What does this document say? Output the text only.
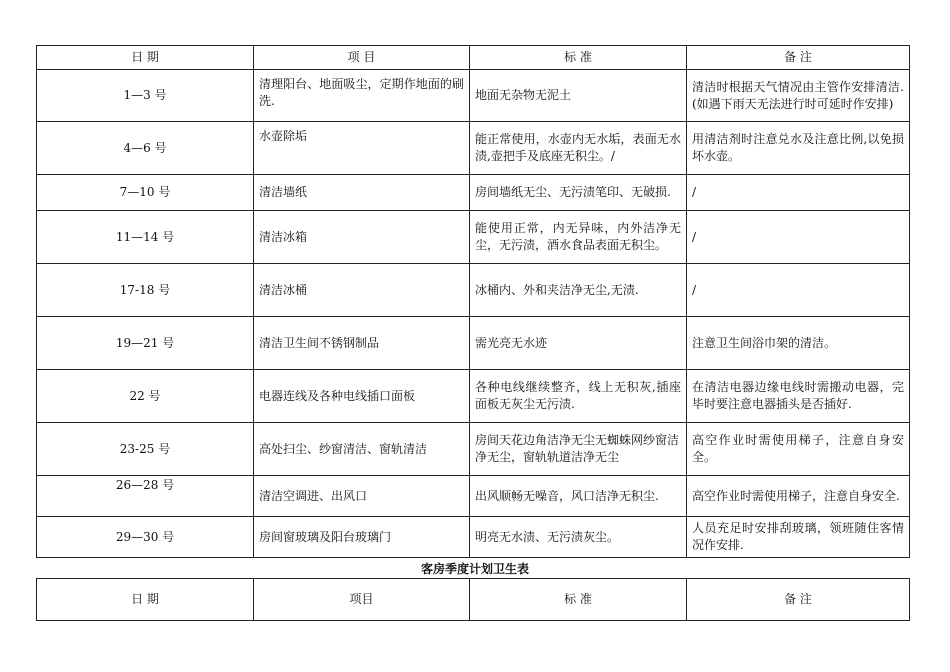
日 期	项 目	标 准	备 注
1—3 号	清理阳台、地面吸尘，定期作地面的刷洗.	地面无杂物无泥土	清洁时根据天气情况由主管作安排清洁.(如遇下雨天无法进行时可延时作安排)
4—6 号	水壶除垢	能正常使用，水壶内无水垢，表面无水渍,壶把手及底座无积尘。/	用清洁剂时注意兑水及注意比例,以免损坏水壶。
7—10 号	清洁墙纸	房间墙纸无尘、无污渍笔印、无破损.	/
11—14 号	清洁冰箱	能使用正常，内无异味，内外洁净无尘，无污渍，酒水食品表面无积尘。	/
17-18 号	清洁冰桶	冰桶内、外和夹洁净无尘,无渍.	/
19—21 号	清洁卫生间不锈钢制品	需光亮无水迹	注意卫生间浴巾架的清洁。
22 号	电器连线及各种电线插口面板	各种电线继续整齐，线上无积灰,插座面板无灰尘无污渍.	在清洁电器边缘电线时需搬动电器，完毕时要注意电器插头是否插好.
23-25 号	高处扫尘、纱窗清洁、窗轨清洁	房间天花边角洁净无尘无蜘蛛网纱窗洁净无尘，窗轨轨道洁净无尘	高空作业时需使用梯子，注意自身安全。
26—28 号	清洁空调进、出风口	出风顺畅无噪音，风口洁净无积尘.	高空作业时需使用梯子，注意自身安全.
29—30 号	房间窗玻璃及阳台玻璃门	明亮无水渍、无污渍灰尘。	人员充足时安排刮玻璃，领班随住客情况作安排.
客房季度计划卫生表
日 期	项目	标 准	备 注
